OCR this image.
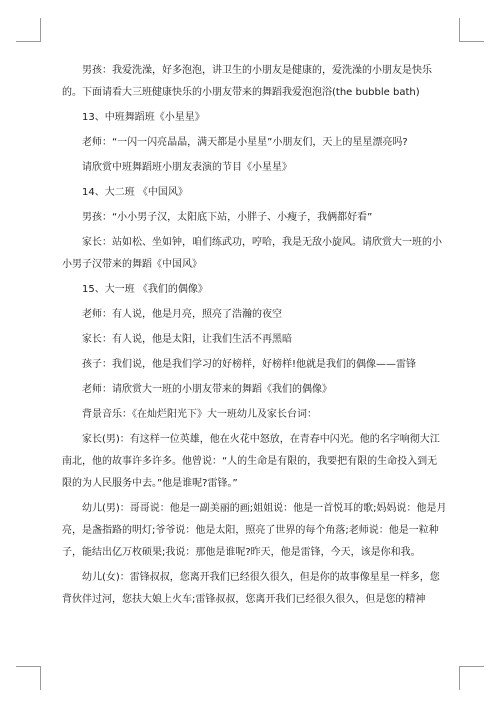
男孩：我爱洗澡，好多泡泡，讲卫生的小朋友是健康的，爱洗澡的小朋友是快乐的。下面请看大三班健康快乐的小朋友带来的舞蹈我爱泡泡浴(the bubble bath)

13、中班舞蹈班《小星星》

老师：“一闪一闪亮晶晶，满天都是小星星”小朋友们，天上的星星漂亮吗?

请欣赏中班舞蹈班小朋友表演的节目《小星星》

14、大二班 《中国风》

男孩：“小小男子汉，太阳底下站，小胖子、小瘦子，我俩都好看”

家长：站如松、坐如钟，咱们练武功，哼哈，我是无敌小旋风。请欣赏大一班的小小男子汉带来的舞蹈《中国风》

15、大一班 《我们的偶像》

老师：有人说，他是月亮，照亮了浩瀚的夜空

家长：有人说，他是太阳，让我们生活不再黑暗

孩子：我们说，他是我们学习的好榜样，好榜样!他就是我们的偶像——雷锋

老师：请欣赏大一班的小朋友带来的舞蹈《我们的偶像》

背景音乐：《在灿烂阳光下》大一班幼儿及家长台词：

家长(男)：有这样一位英雄，他在火花中怒放，在青春中闪光。他的名字响彻大江南北，他的故事许多许多。他曾说：“人的生命是有限的，我要把有限的生命投入到无限的为人民服务中去。”他是谁呢?雷锋。”

幼儿(男)：哥哥说：他是一副美丽的画;姐姐说：他是一首悦耳的歌;妈妈说：他是月亮，是盏指路的明灯;爷爷说：他是太阳，照亮了世界的每个角落;老师说：他是一粒种子，能结出亿万枚硕果;我说：那他是谁呢?昨天，他是雷锋，今天，该是你和我。

幼儿(女)：雷锋叔叔，您离开我们已经很久很久，但是你的故事像星星一样多，您背伙伴过河，您扶大娘上火车;雷锋叔叔，您离开我们已经很久很久，但是您的精神
